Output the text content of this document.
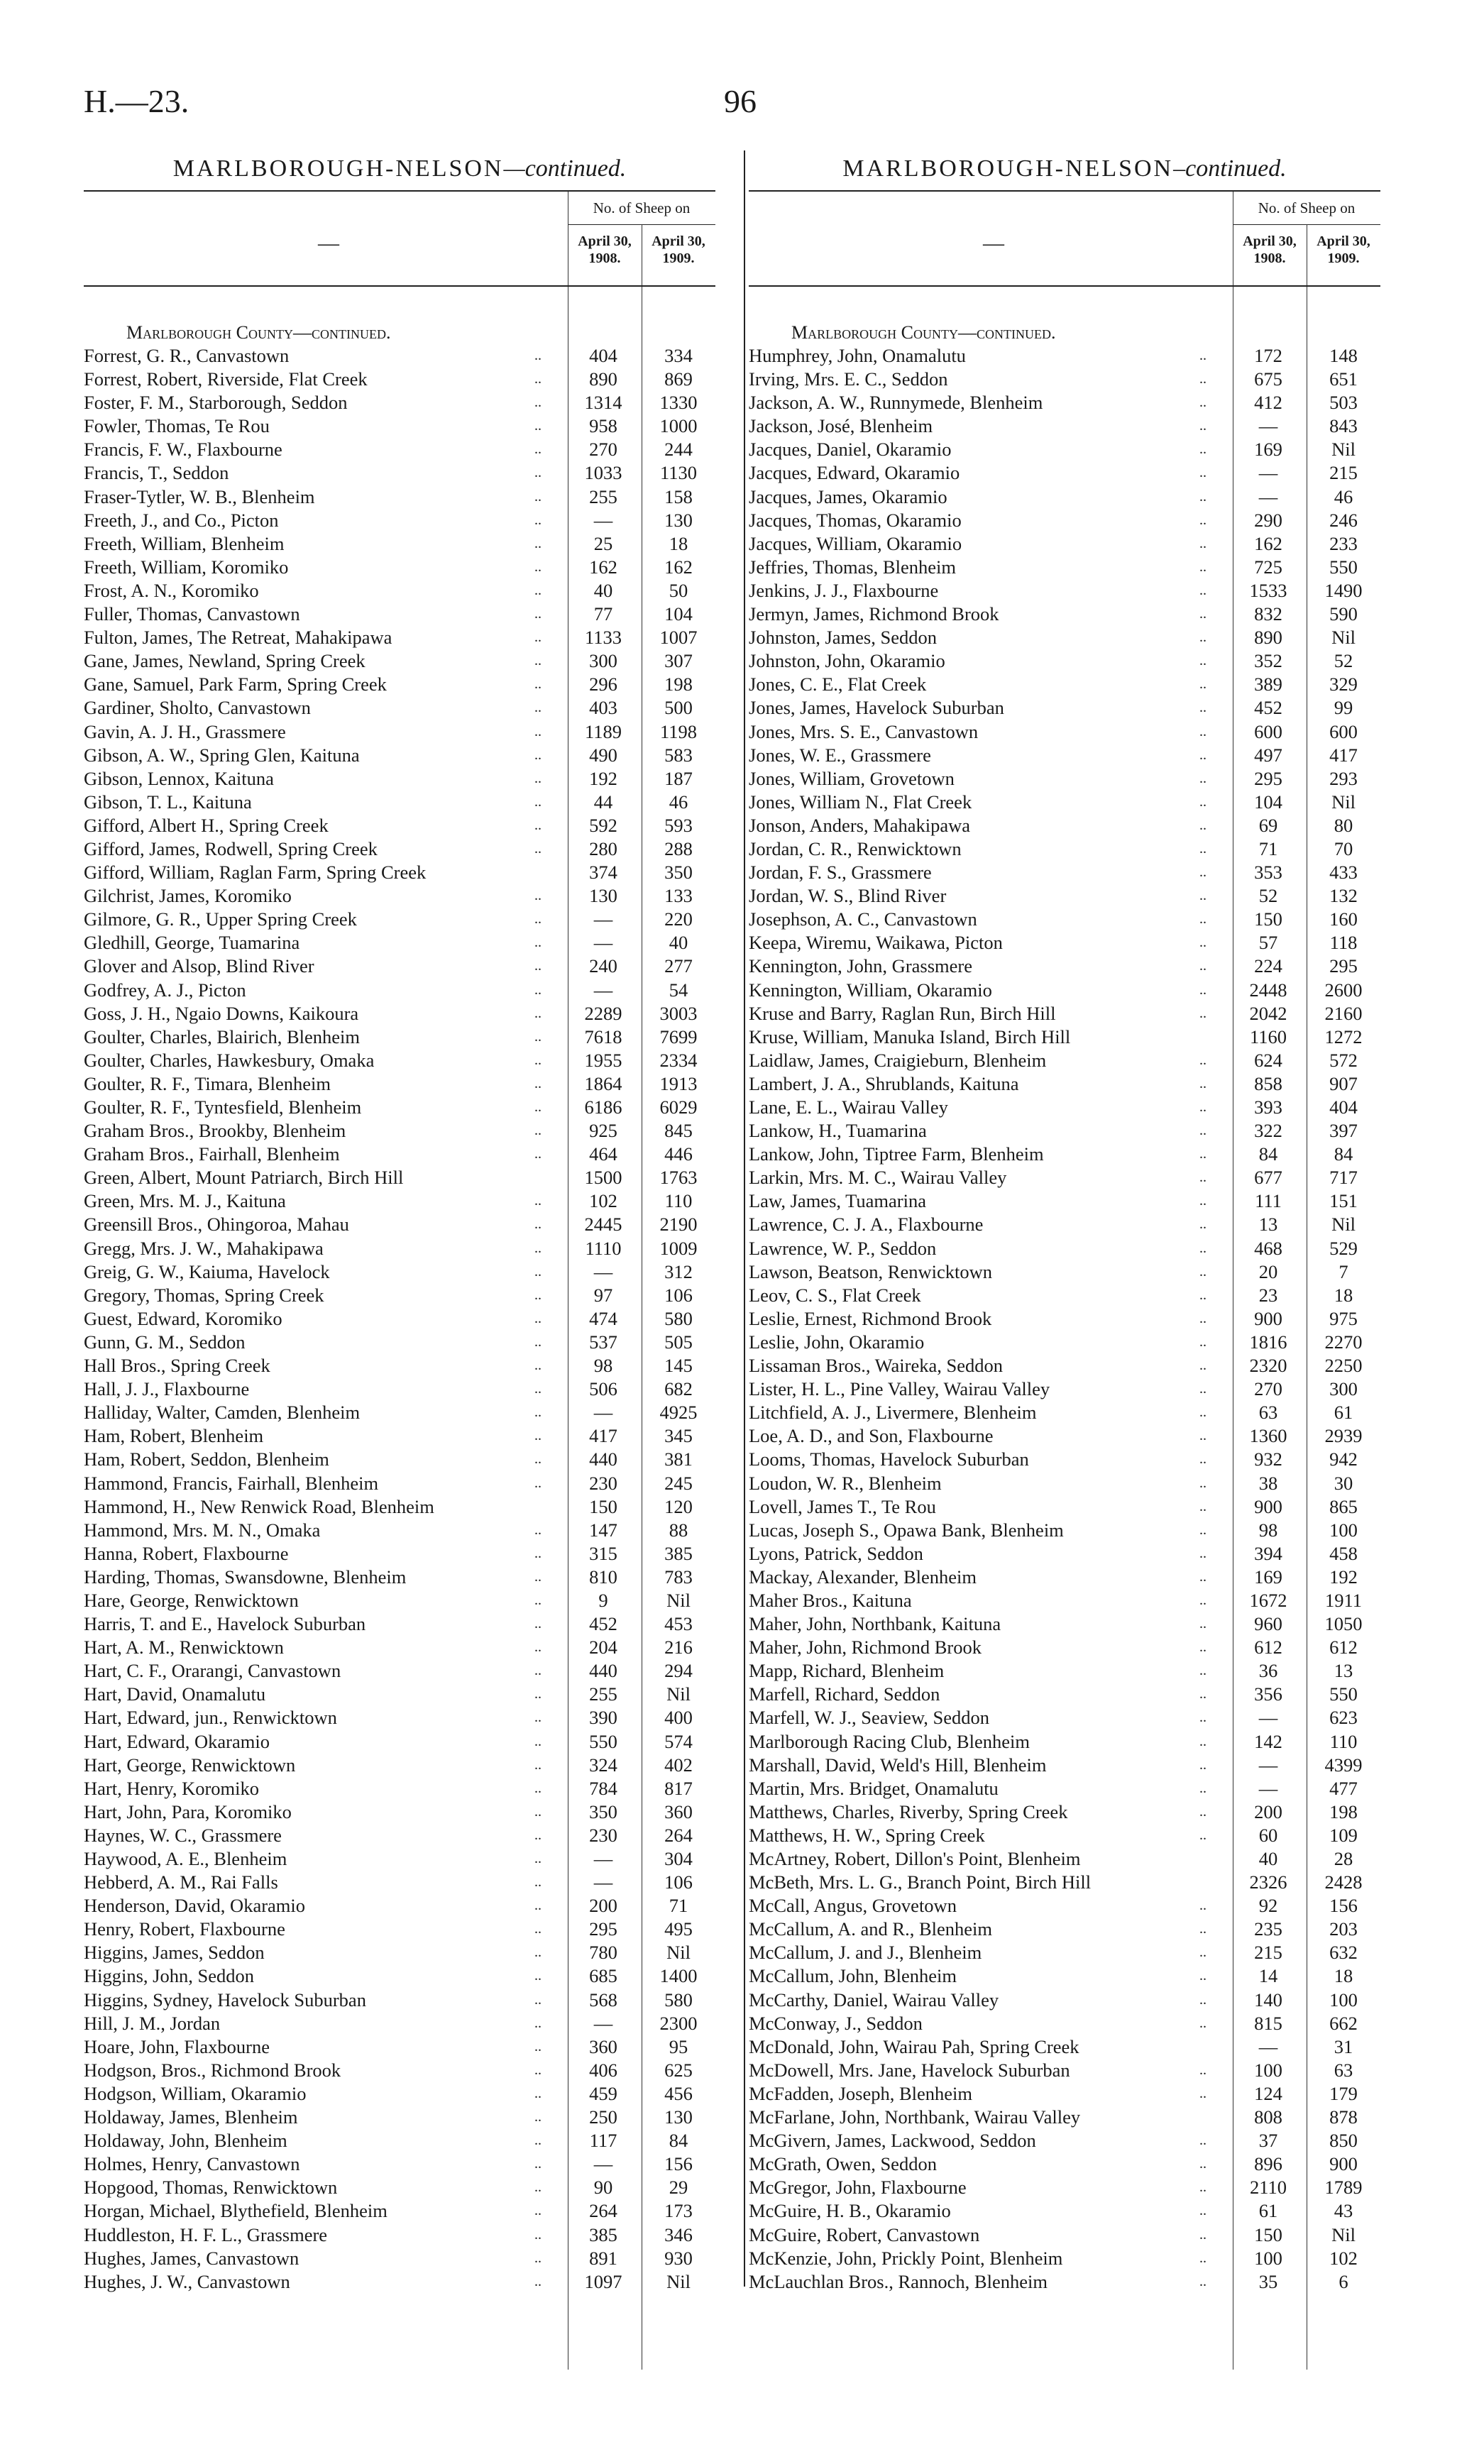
H.—23.	96
MARLBOROUGH-NELSON—continued.
—
No. of Sheep on
April 30, 1908.
April 30, 1909.
Marlborough County—continued.
Forrest, G. R., Canvastown	..	404	334
Forrest, Robert, Riverside, Flat Creek	..	890	869
Foster, F. M., Starborough, Seddon	..	1314	1330
Fowler, Thomas, Te Rou	..	958	1000
Francis, F. W., Flaxbourne	..	270	244
Francis, T., Seddon	..	1033	1130
Fraser-Tytler, W. B., Blenheim	..	255	158
Freeth, J., and Co., Picton	..	—	130
Freeth, William, Blenheim	..	25	18
Freeth, William, Koromiko	..	162	162
Frost, A. N., Koromiko	..	40	50
Fuller, Thomas, Canvastown	..	77	104
Fulton, James, The Retreat, Mahakipawa	..	1133	1007
Gane, James, Newland, Spring Creek	..	300	307
Gane, Samuel, Park Farm, Spring Creek	..	296	198
Gardiner, Sholto, Canvastown	..	403	500
Gavin, A. J. H., Grassmere	..	1189	1198
Gibson, A. W., Spring Glen, Kaituna	..	490	583
Gibson, Lennox, Kaituna	..	192	187
Gibson, T. L., Kaituna	..	44	46
Gifford, Albert H., Spring Creek	..	592	593
Gifford, James, Rodwell, Spring Creek	..	280	288
Gifford, William, Raglan Farm, Spring Creek	374	350
Gilchrist, James, Koromiko	..	130	133
Gilmore, G. R., Upper Spring Creek	..	—	220
Gledhill, George, Tuamarina	..	—	40
Glover and Alsop, Blind River	..	240	277
Godfrey, A. J., Picton	..	—	54
Goss, J. H., Ngaio Downs, Kaikoura	..	2289	3003
Goulter, Charles, Blairich, Blenheim	..	7618	7699
Goulter, Charles, Hawkesbury, Omaka	..	1955	2334
Goulter, R. F., Timara, Blenheim	..	1864	1913
Goulter, R. F., Tyntesfield, Blenheim	..	6186	6029
Graham Bros., Brookby, Blenheim	..	925	845
Graham Bros., Fairhall, Blenheim	..	464	446
Green, Albert, Mount Patriarch, Birch Hill	1500	1763
Green, Mrs. M. J., Kaituna	..	102	110
Greensill Bros., Ohingoroa, Mahau	..	2445	2190
Gregg, Mrs. J. W., Mahakipawa	..	1110	1009
Greig, G. W., Kaiuma, Havelock	..	—	312
Gregory, Thomas, Spring Creek	..	97	106
Guest, Edward, Koromiko	..	474	580
Gunn, G. M., Seddon	..	537	505
Hall Bros., Spring Creek	..	98	145
Hall, J. J., Flaxbourne	..	506	682
Halliday, Walter, Camden, Blenheim	..	—	4925
Ham, Robert, Blenheim	..	417	345
Ham, Robert, Seddon, Blenheim	..	440	381
Hammond, Francis, Fairhall, Blenheim	..	230	245
Hammond, H., New Renwick Road, Blenheim	150	120
Hammond, Mrs. M. N., Omaka	..	147	88
Hanna, Robert, Flaxbourne	..	315	385
Harding, Thomas, Swansdowne, Blenheim	..	810	783
Hare, George, Renwicktown	..	9	Nil
Harris, T. and E., Havelock Suburban	..	452	453
Hart, A. M., Renwicktown	..	204	216
Hart, C. F., Orarangi, Canvastown	..	440	294
Hart, David, Onamalutu	..	255	Nil
Hart, Edward, jun., Renwicktown	..	390	400
Hart, Edward, Okaramio	..	550	574
Hart, George, Renwicktown	..	324	402
Hart, Henry, Koromiko	..	784	817
Hart, John, Para, Koromiko	..	350	360
Haynes, W. C., Grassmere	..	230	264
Haywood, A. E., Blenheim	..	—	304
Hebberd, A. M., Rai Falls	..	—	106
Henderson, David, Okaramio	..	200	71
Henry, Robert, Flaxbourne	..	295	495
Higgins, James, Seddon	..	780	Nil
Higgins, John, Seddon	..	685	1400
Higgins, Sydney, Havelock Suburban	..	568	580
Hill, J. M., Jordan	..	—	2300
Hoare, John, Flaxbourne	..	360	95
Hodgson, Bros., Richmond Brook	..	406	625
Hodgson, William, Okaramio	..	459	456
Holdaway, James, Blenheim	..	250	130
Holdaway, John, Blenheim	..	117	84
Holmes, Henry, Canvastown	..	—	156
Hopgood, Thomas, Renwicktown	..	90	29
Horgan, Michael, Blythefield, Blenheim	..	264	173
Huddleston, H. F. L., Grassmere	..	385	346
Hughes, James, Canvastown	..	891	930
Hughes, J. W., Canvastown	..	1097	Nil
MARLBOROUGH-NELSON–continued.
—
No. of Sheep on
April 30, 1908.
April 30, 1909.
Marlborough County—continued.
Humphrey, John, Onamalutu	..	172	148
Irving, Mrs. E. C., Seddon	..	675	651
Jackson, A. W., Runnymede, Blenheim	..	412	503
Jackson, José, Blenheim	..	—	843
Jacques, Daniel, Okaramio	..	169	Nil
Jacques, Edward, Okaramio	..	—	215
Jacques, James, Okaramio	..	—	46
Jacques, Thomas, Okaramio	..	290	246
Jacques, William, Okaramio	..	162	233
Jeffries, Thomas, Blenheim	..	725	550
Jenkins, J. J., Flaxbourne	..	1533	1490
Jermyn, James, Richmond Brook	..	832	590
Johnston, James, Seddon	..	890	Nil
Johnston, John, Okaramio	..	352	52
Jones, C. E., Flat Creek	..	389	329
Jones, James, Havelock Suburban	..	452	99
Jones, Mrs. S. E., Canvastown	..	600	600
Jones, W. E., Grassmere	..	497	417
Jones, William, Grovetown	..	295	293
Jones, William N., Flat Creek	..	104	Nil
Jonson, Anders, Mahakipawa	..	69	80
Jordan, C. R., Renwicktown	..	71	70
Jordan, F. S., Grassmere	..	353	433
Jordan, W. S., Blind River	..	52	132
Josephson, A. C., Canvastown	..	150	160
Keepa, Wiremu, Waikawa, Picton	..	57	118
Kennington, John, Grassmere	..	224	295
Kennington, William, Okaramio	..	2448	2600
Kruse and Barry, Raglan Run, Birch Hill	..	2042	2160
Kruse, William, Manuka Island, Birch Hill	1160	1272
Laidlaw, James, Craigieburn, Blenheim	..	624	572
Lambert, J. A., Shrublands, Kaituna	..	858	907
Lane, E. L., Wairau Valley	..	393	404
Lankow, H., Tuamarina	..	322	397
Lankow, John, Tiptree Farm, Blenheim	..	84	84
Larkin, Mrs. M. C., Wairau Valley	..	677	717
Law, James, Tuamarina	..	111	151
Lawrence, C. J. A., Flaxbourne	..	13	Nil
Lawrence, W. P., Seddon	..	468	529
Lawson, Beatson, Renwicktown	..	20	7
Leov, C. S., Flat Creek	..	23	18
Leslie, Ernest, Richmond Brook	..	900	975
Leslie, John, Okaramio	..	1816	2270
Lissaman Bros., Waireka, Seddon	..	2320	2250
Lister, H. L., Pine Valley, Wairau Valley	..	270	300
Litchfield, A. J., Livermere, Blenheim	..	63	61
Loe, A. D., and Son, Flaxbourne	..	1360	2939
Looms, Thomas, Havelock Suburban	..	932	942
Loudon, W. R., Blenheim	..	38	30
Lovell, James T., Te Rou	..	900	865
Lucas, Joseph S., Opawa Bank, Blenheim	..	98	100
Lyons, Patrick, Seddon	..	394	458
Mackay, Alexander, Blenheim	..	169	192
Maher Bros., Kaituna	..	1672	1911
Maher, John, Northbank, Kaituna	..	960	1050
Maher, John, Richmond Brook	..	612	612
Mapp, Richard, Blenheim	..	36	13
Marfell, Richard, Seddon	..	356	550
Marfell, W. J., Seaview, Seddon	..	—	623
Marlborough Racing Club, Blenheim	..	142	110
Marshall, David, Weld's Hill, Blenheim	..	—	4399
Martin, Mrs. Bridget, Onamalutu	..	—	477
Matthews, Charles, Riverby, Spring Creek	..	200	198
Matthews, H. W., Spring Creek	..	60	109
McArtney, Robert, Dillon's Point, Blenheim	40	28
McBeth, Mrs. L. G., Branch Point, Birch Hill	2326	2428
McCall, Angus, Grovetown	..	92	156
McCallum, A. and R., Blenheim	..	235	203
McCallum, J. and J., Blenheim	..	215	632
McCallum, John, Blenheim	..	14	18
McCarthy, Daniel, Wairau Valley	..	140	100
McConway, J., Seddon	..	815	662
McDonald, John, Wairau Pah, Spring Creek	—	31
McDowell, Mrs. Jane, Havelock Suburban	..	100	63
McFadden, Joseph, Blenheim	..	124	179
McFarlane, John, Northbank, Wairau Valley	808	878
McGivern, James, Lackwood, Seddon	..	37	850
McGrath, Owen, Seddon	..	896	900
McGregor, John, Flaxbourne	..	2110	1789
McGuire, H. B., Okaramio	..	61	43
McGuire, Robert, Canvastown	..	150	Nil
McKenzie, John, Prickly Point, Blenheim	..	100	102
McLauchlan Bros., Rannoch, Blenheim	..	35	6
